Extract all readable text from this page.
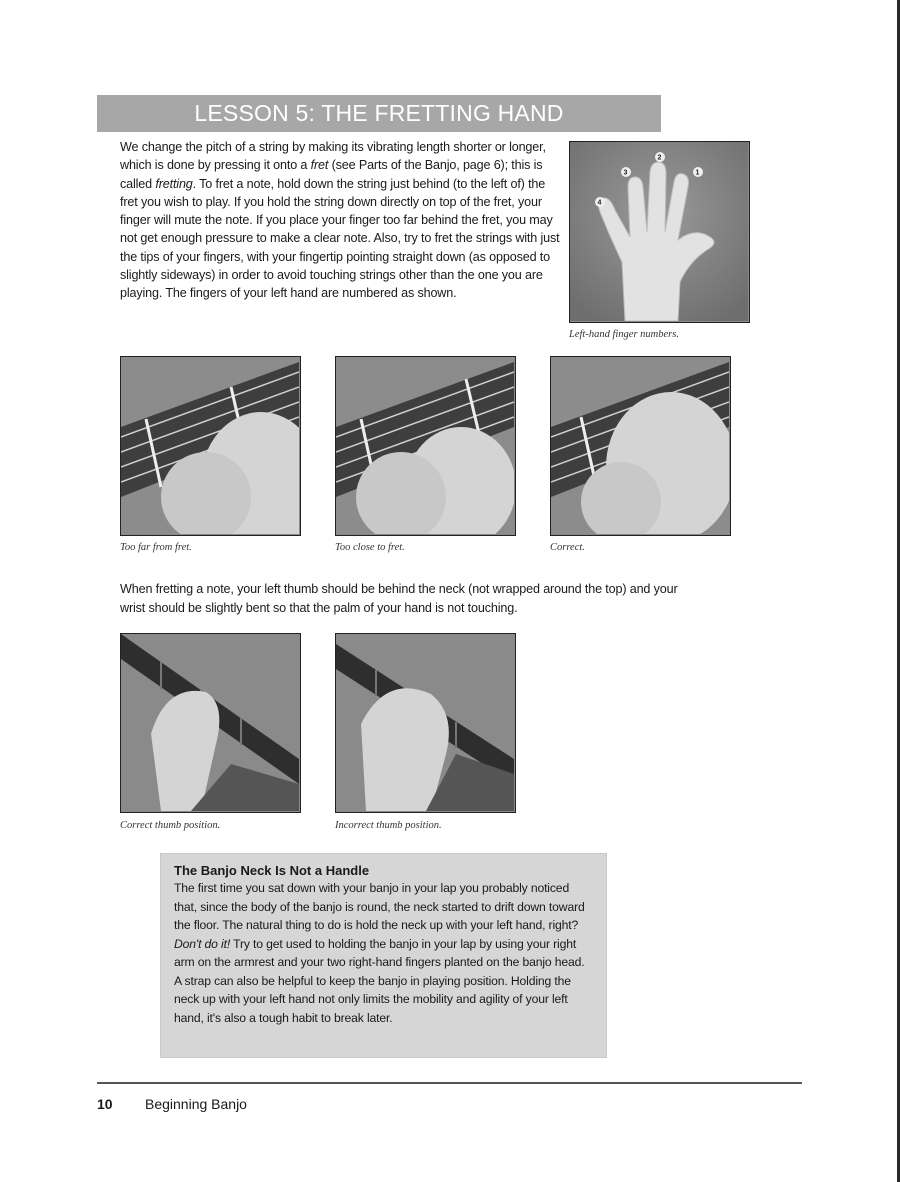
LESSON 5: THE FRETTING HAND

We change the pitch of a string by making its vibrating length shorter or longer, which is done by pressing it onto a fret (see Parts of the Banjo, page 6); this is called fretting. To fret a note, hold down the string just behind (to the left of) the fret you wish to play. If you hold the string down directly on top of the fret, your finger will mute the note. If you place your finger too far behind the fret, you may not get enough pressure to make a clear note. Also, try to fret the strings with just the tips of your fingers, with your fingertip pointing straight down (as opposed to slightly sideways) in order to avoid touching strings other than the one you are playing. The fingers of your left hand are numbered as shown.

1
2
3
4
Left-hand finger numbers.
Too far from fret.	Too close to fret.	Correct.

When fretting a note, your left thumb should be behind the neck (not wrapped around the top) and your wrist should be slightly bent so that the palm of your hand is not touching.

Correct thumb position.	Incorrect thumb position.
The Banjo Neck Is Not a Handle

The first time you sat down with your banjo in your lap you probably noticed that, since the body of the banjo is round, the neck started to drift down toward the floor. The natural thing to do is hold the neck up with your left hand, right? Don't do it! Try to get used to holding the banjo in your lap by using your right arm on the armrest and your two right-hand fingers planted on the banjo head. A strap can also be helpful to keep the banjo in playing position. Holding the neck up with your left hand not only limits the mobility and agility of your left hand, it's also a tough habit to break later.

10 Beginning Banjo
